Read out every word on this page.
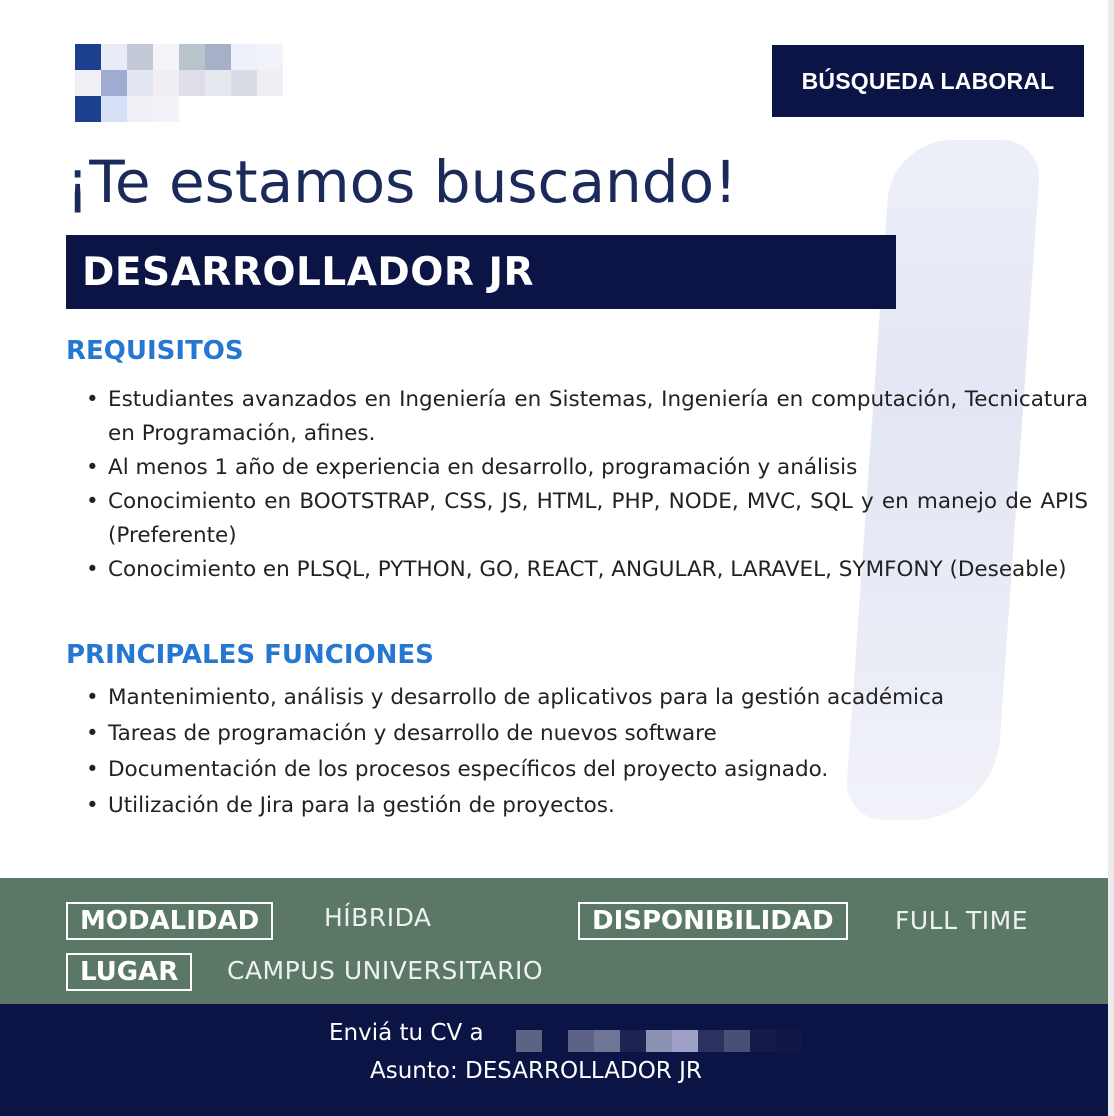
BÚSQUEDA LABORAL
¡Te estamos buscando!
DESARROLLADOR JR
REQUISITOS
• Estudiantes avanzados en Ingeniería en Sistemas, Ingeniería en computación, Tecnicatura en Programación, afines.
• Al menos 1 año de experiencia en desarrollo, programación y análisis
• Conocimiento en BOOTSTRAP, CSS, JS, HTML, PHP, NODE, MVC, SQL y en manejo de APIS (Preferente)
• Conocimiento en PLSQL, PYTHON, GO, REACT, ANGULAR, LARAVEL, SYMFONY (Deseable)
PRINCIPALES FUNCIONES
• Mantenimiento, análisis y desarrollo de aplicativos para la gestión académica
• Tareas de programación y desarrollo de nuevos software
• Documentación de los procesos específicos del proyecto asignado.
• Utilización de Jira para la gestión de proyectos.
MODALIDAD	HÍBRIDA	DISPONIBILIDAD	FULL TIME
LUGAR	CAMPUS UNIVERSITARIO
Enviá tu CV a
Asunto: DESARROLLADOR JR
